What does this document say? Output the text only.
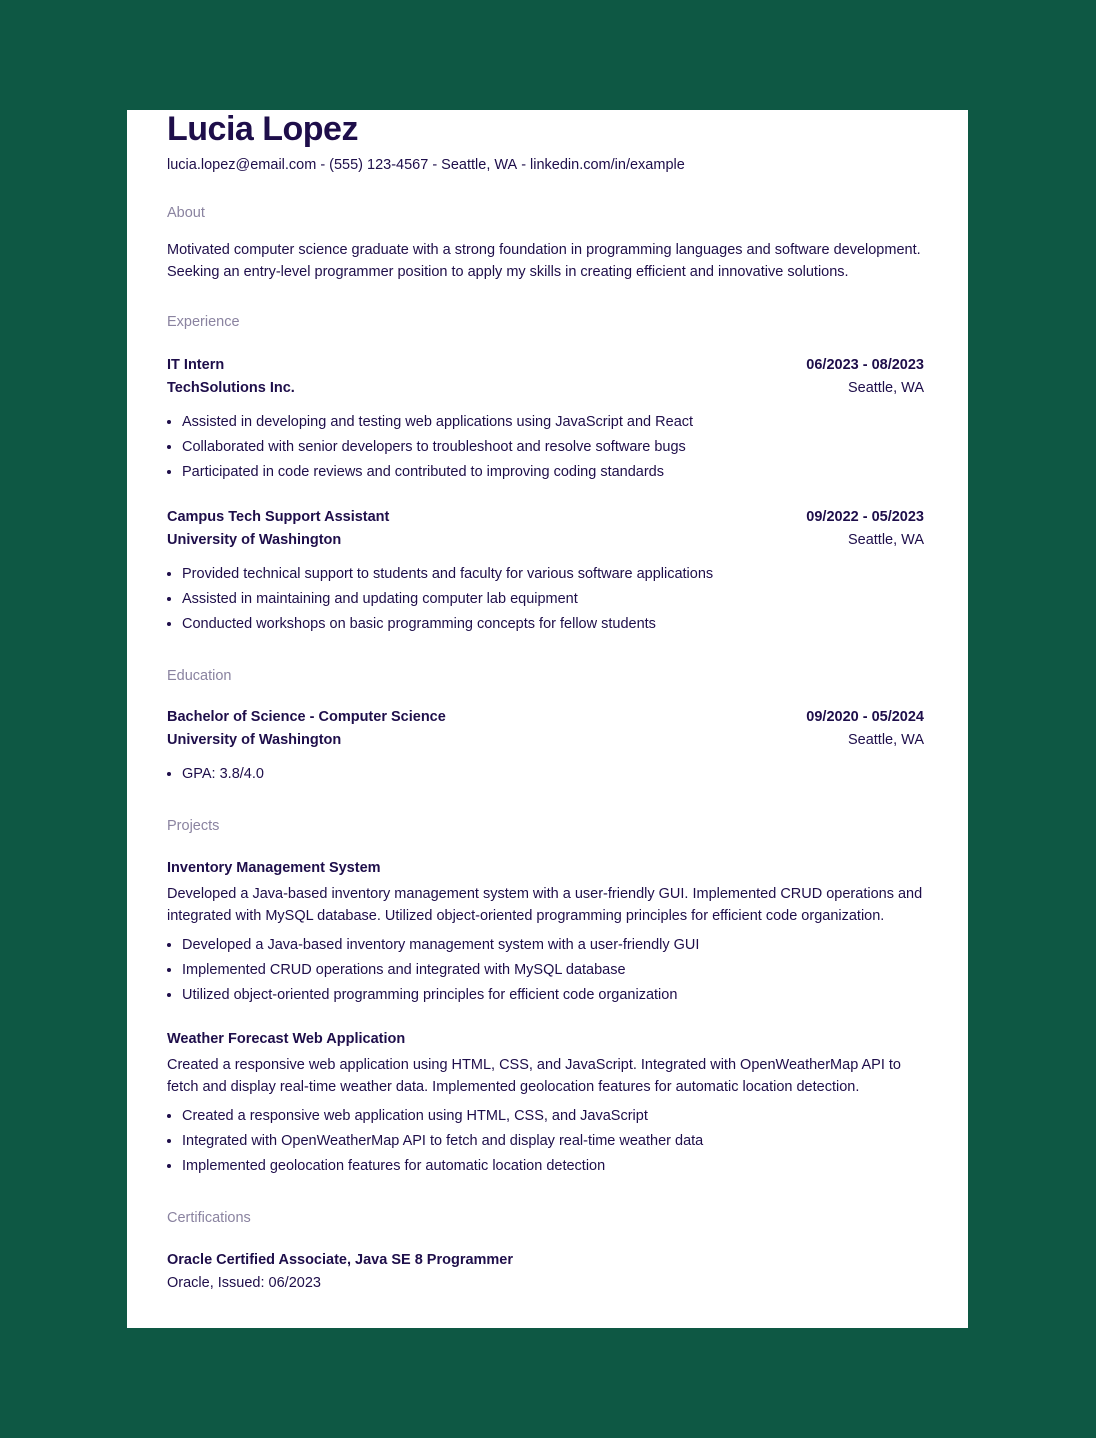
Lucia Lopez
lucia.lopez@email.com - (555) 123-4567 - Seattle, WA - linkedin.com/in/example
About
Motivated computer science graduate with a strong foundation in programming languages and software development. Seeking an entry-level programmer position to apply my skills in creating efficient and innovative solutions.
Experience
IT Intern	06/2023 - 08/2023
TechSolutions Inc.	Seattle, WA
• Assisted in developing and testing web applications using JavaScript and React
• Collaborated with senior developers to troubleshoot and resolve software bugs
• Participated in code reviews and contributed to improving coding standards
Campus Tech Support Assistant	09/2022 - 05/2023
University of Washington	Seattle, WA
• Provided technical support to students and faculty for various software applications
• Assisted in maintaining and updating computer lab equipment
• Conducted workshops on basic programming concepts for fellow students
Education
Bachelor of Science - Computer Science	09/2020 - 05/2024
University of Washington	Seattle, WA
• GPA: 3.8/4.0
Projects
Inventory Management System
Developed a Java-based inventory management system with a user-friendly GUI. Implemented CRUD operations and integrated with MySQL database. Utilized object-oriented programming principles for efficient code organization.
• Developed a Java-based inventory management system with a user-friendly GUI
• Implemented CRUD operations and integrated with MySQL database
• Utilized object-oriented programming principles for efficient code organization
Weather Forecast Web Application
Created a responsive web application using HTML, CSS, and JavaScript. Integrated with OpenWeatherMap API to fetch and display real-time weather data. Implemented geolocation features for automatic location detection.
• Created a responsive web application using HTML, CSS, and JavaScript
• Integrated with OpenWeatherMap API to fetch and display real-time weather data
• Implemented geolocation features for automatic location detection
Certifications
Oracle Certified Associate, Java SE 8 Programmer
Oracle, Issued: 06/2023
